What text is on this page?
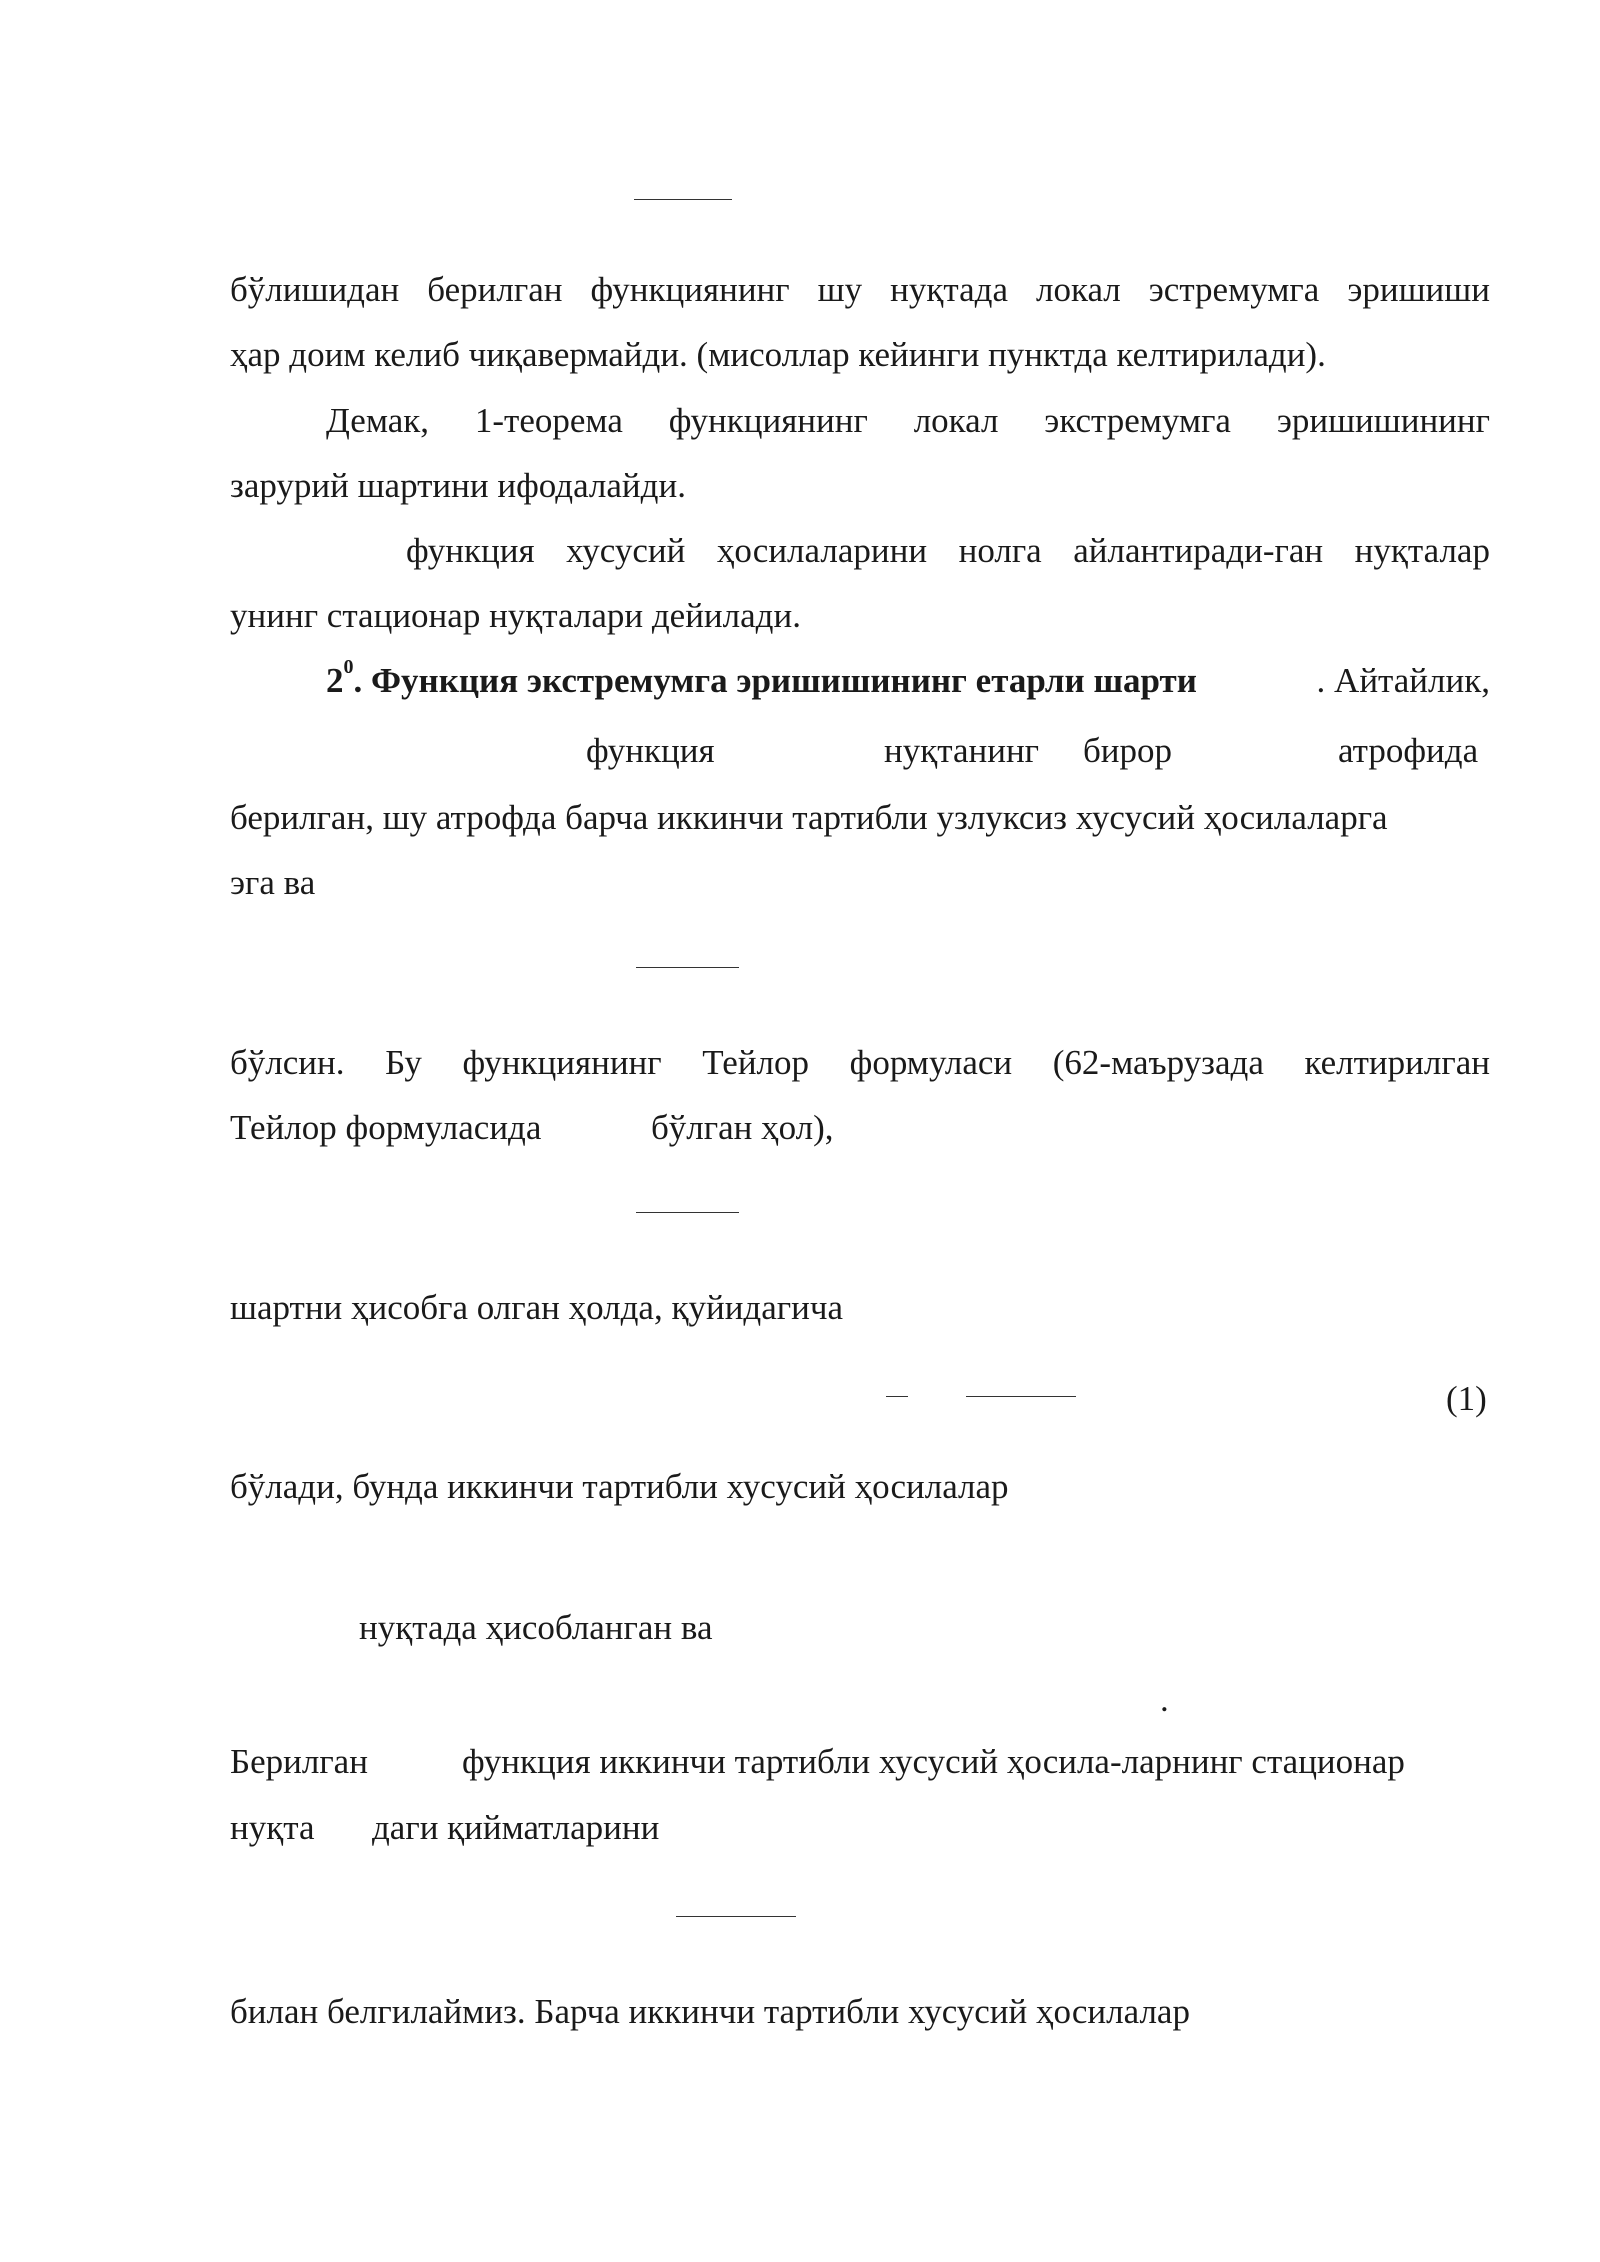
бўлишидан берилган функциянинг шу нуқтада локал эстремумга эришиши
ҳар доим келиб чиқавермайди. (мисоллар кейинги пунктда келтирилади).
Демак, 1-теорема функциянинг локал экстремумга эришишининг
зарурий шартини ифодалайди.
функция хусусий ҳосилаларини нолга айлантиради-ган нуқталар
унинг стационар нуқталари дейилади.
$2^0$. Функция экстремумга эришишининг етарли шарти	. Айтайлик,
функция	нуқтанинг бирор	атрофида
берилган, шу атрофда барча иккинчи тартибли узлуксиз хусусий ҳосилаларга
эга ва
бўлсин. Бу функциянинг Тейлор формуласи (62-маърузада келтирилган
Тейлор формуласида	бўлган ҳол),
шартни ҳисобга олган ҳолда, қуйидагича
(1)
бўлади, бунда иккинчи тартибли хусусий ҳосилалар
нуқтада ҳисобланган ва
.
Берилган	функция иккинчи тартибли хусусий ҳосила-ларнинг стационар
нуқта даги қийматларини
билан белгилаймиз. Барча иккинчи тартибли хусусий ҳосилалар
